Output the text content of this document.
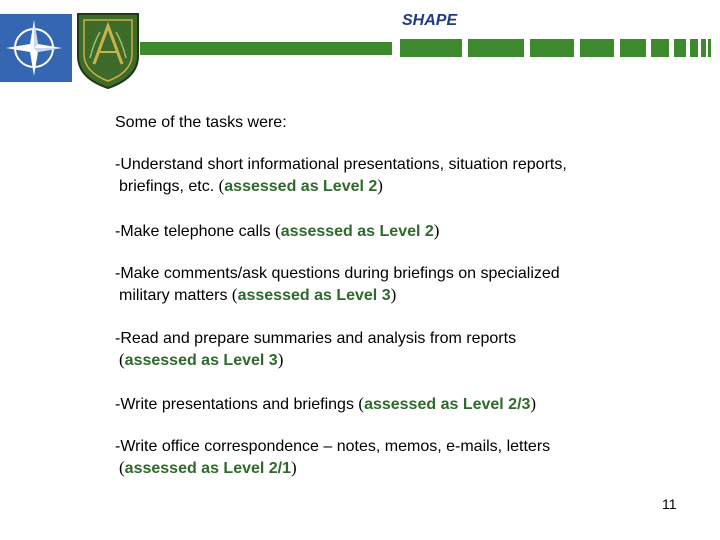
SHAPE
Some of the tasks were:
-Understand short informational presentations, situation reports,
briefings, etc. (assessed as Level 2)
-Make telephone calls (assessed as Level 2)
-Make comments/ask questions during briefings on specialized
military matters (assessed as Level 3)
-Read and prepare summaries and analysis from reports
(assessed as Level 3)
-Write presentations and briefings (assessed as Level 2/3)
-Write office correspondence – notes, memos, e-mails, letters
(assessed as Level 2/1)
11
